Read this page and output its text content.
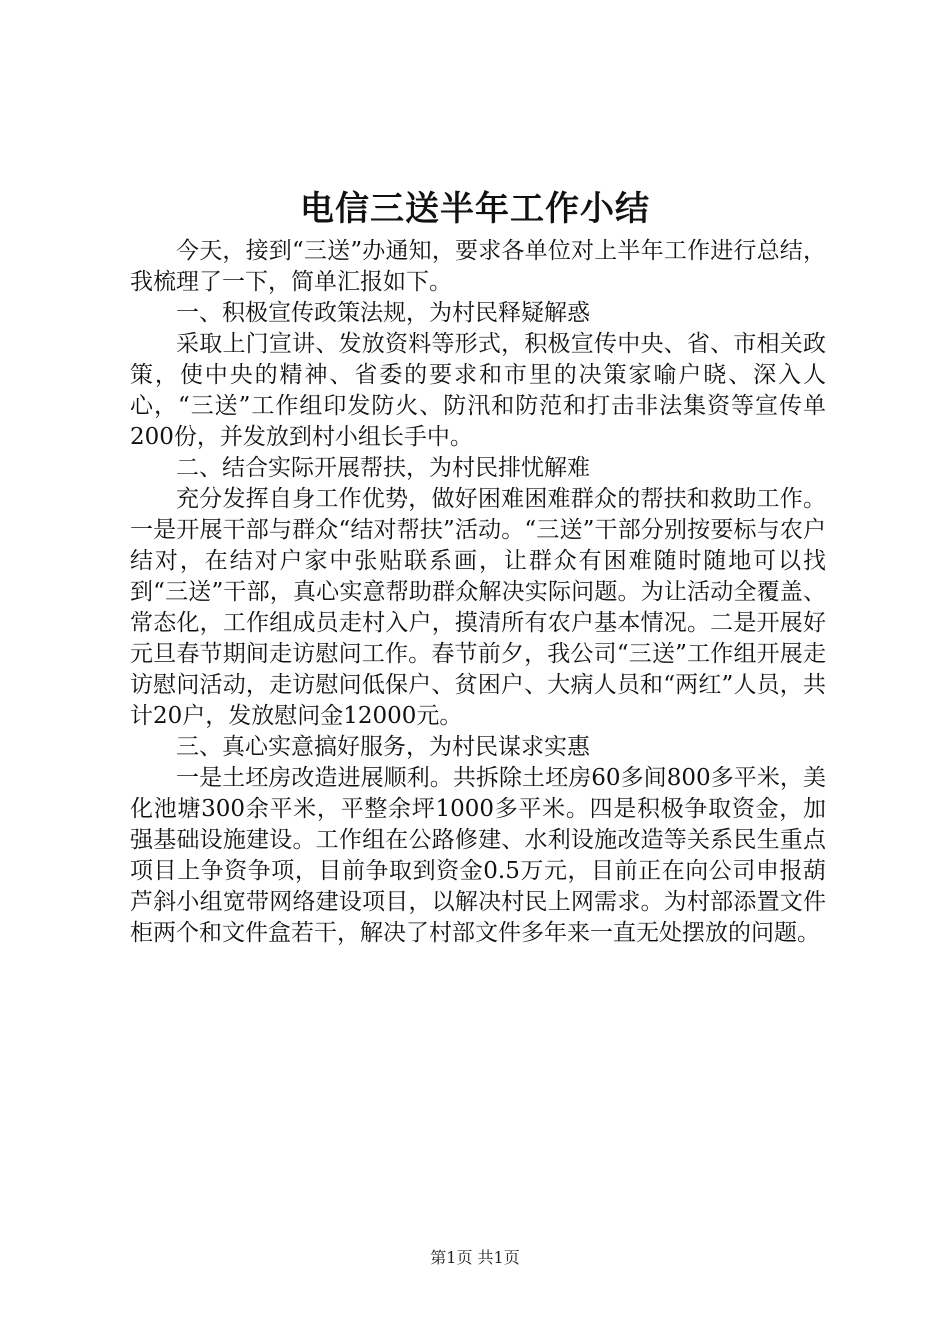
电信三送半年工作小结

今天，接到“三送”办通知，要求各单位对上半年工作进行总结，我梳理了一下，简单汇报如下。

一、积极宣传政策法规，为村民释疑解惑

采取上门宣讲、发放资料等形式，积极宣传中央、省、市相关政策，使中央的精神、省委的要求和市里的决策家喻户晓、深入人心，“三送”工作组印发防火、防汛和防范和打击非法集资等宣传单200份，并发放到村小组长手中。

二、结合实际开展帮扶，为村民排忧解难

充分发挥自身工作优势，做好困难困难群众的帮扶和救助工作。一是开展干部与群众“结对帮扶”活动。“三送”干部分别按要标与农户结对，在结对户家中张贴联系画，让群众有困难随时随地可以找到“三送”干部，真心实意帮助群众解决实际问题。为让活动全覆盖、常态化，工作组成员走村入户，摸清所有农户基本情况。二是开展好元旦春节期间走访慰问工作。春节前夕，我公司“三送”工作组开展走访慰问活动，走访慰问低保户、贫困户、大病人员和“两红”人员，共计20户，发放慰问金12000元。

三、真心实意搞好服务，为村民谋求实惠

一是土坯房改造进展顺利。共拆除土坯房60多间800多平米，美化池塘300余平米，平整余坪1000多平米。四是积极争取资金，加强基础设施建设。工作组在公路修建、水利设施改造等关系民生重点项目上争资争项，目前争取到资金0.5万元，目前正在向公司申报葫芦斜小组宽带网络建设项目，以解决村民上网需求。为村部添置文件柜两个和文件盒若干，解决了村部文件多年来一直无处摆放的问题。

第1页 共1页
